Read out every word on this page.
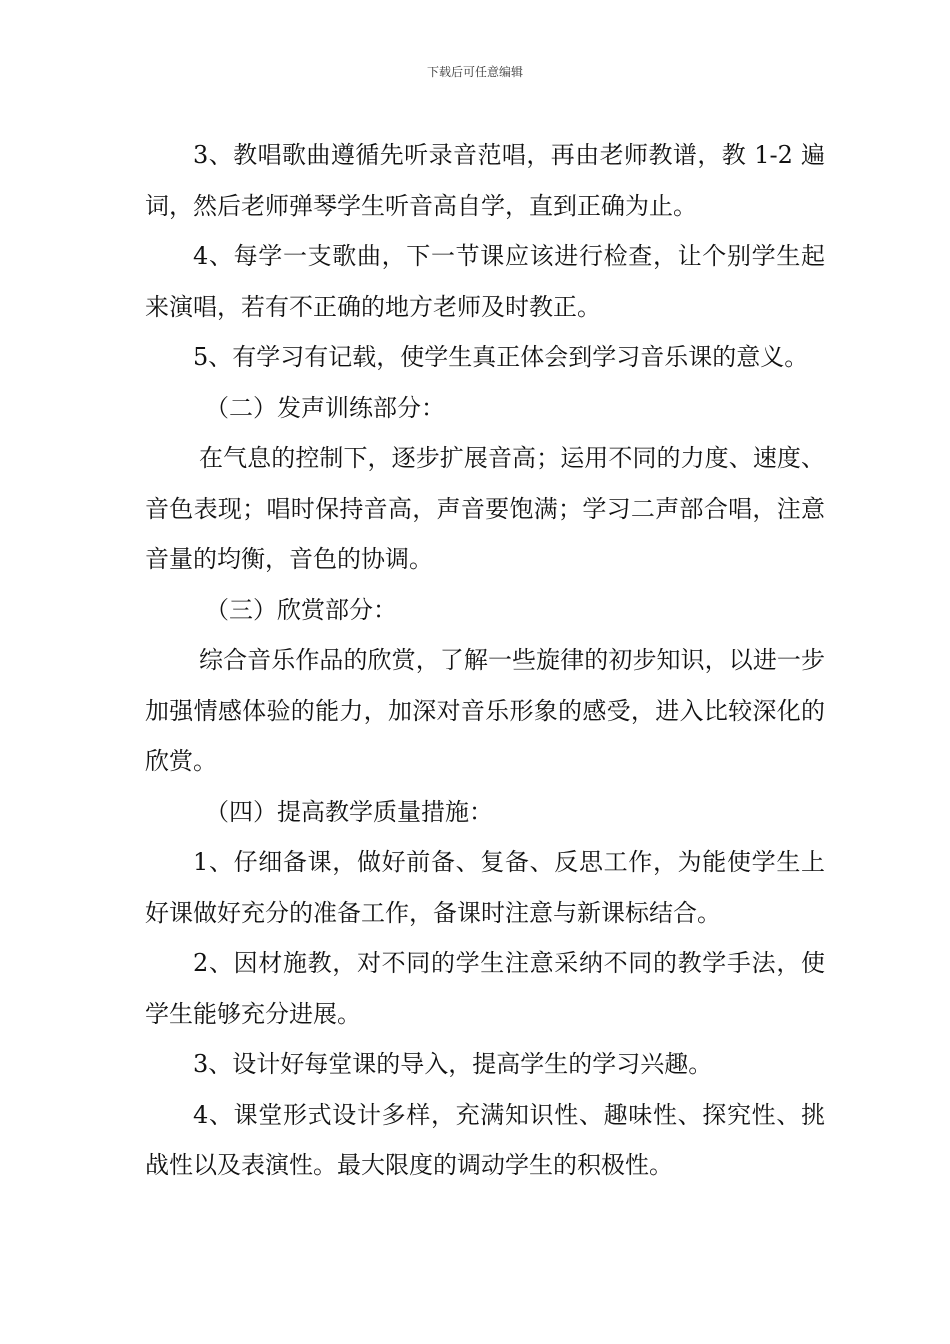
下载后可任意编辑

3、教唱歌曲遵循先听录音范唱，再由老师教谱，教 1-2 遍词，然后老师弹琴学生听音高自学，直到正确为止。

4、每学一支歌曲，下一节课应该进行检查，让个别学生起来演唱，若有不正确的地方老师及时教正。

5、有学习有记载，使学生真正体会到学习音乐课的意义。

（二）发声训练部分：

在气息的控制下，逐步扩展音高；运用不同的力度、速度、音色表现；唱时保持音高，声音要饱满；学习二声部合唱，注意音量的均衡，音色的协调。

（三）欣赏部分：

综合音乐作品的欣赏，了解一些旋律的初步知识，以进一步加强情感体验的能力，加深对音乐形象的感受，进入比较深化的欣赏。

（四）提高教学质量措施：

1、仔细备课，做好前备、复备、反思工作，为能使学生上好课做好充分的准备工作，备课时注意与新课标结合。

2、因材施教，对不同的学生注意采纳不同的教学手法，使学生能够充分进展。

3、设计好每堂课的导入，提高学生的学习兴趣。

4、课堂形式设计多样，充满知识性、趣味性、探究性、挑战性以及表演性。最大限度的调动学生的积极性。
